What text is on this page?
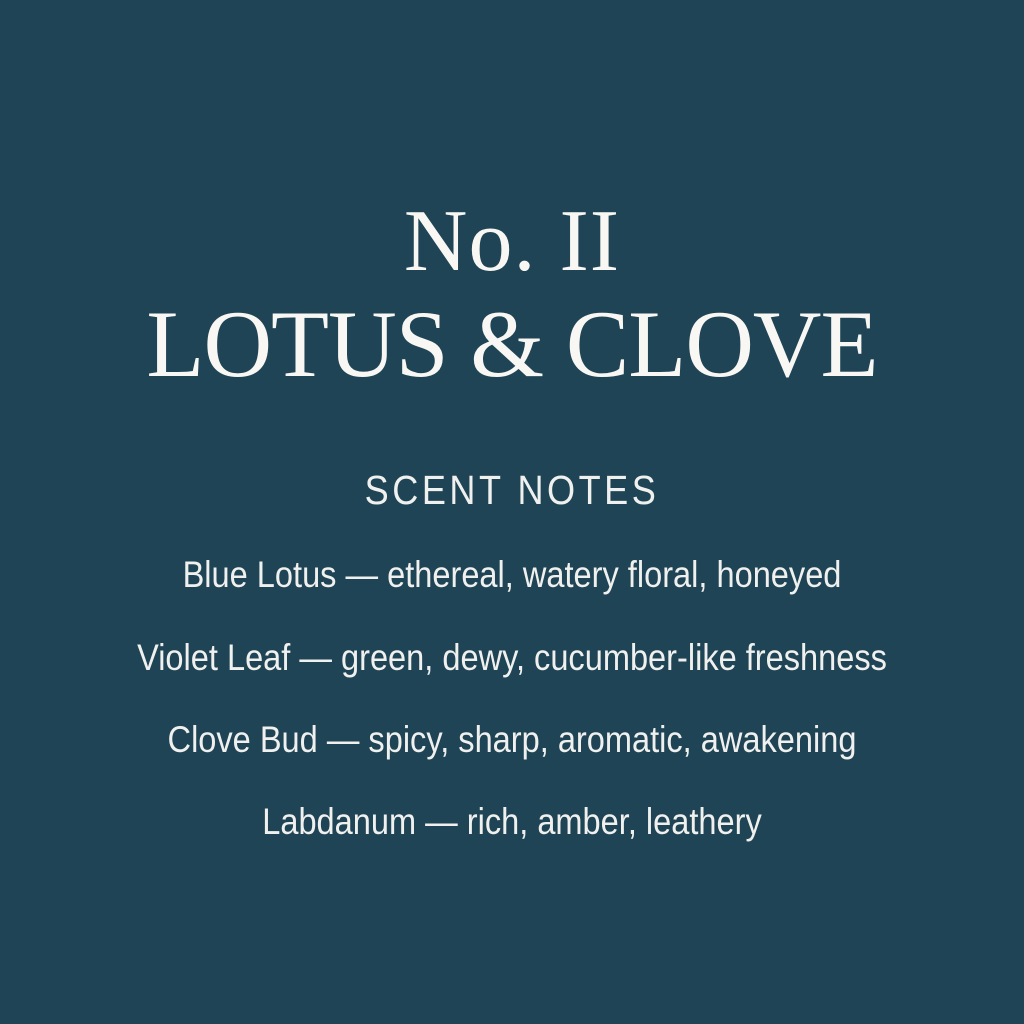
No. II
LOTUS & CLOVE
SCENT NOTES
Blue Lotus — ethereal, watery floral, honeyed
Violet Leaf — green, dewy, cucumber-like freshness
Clove Bud — spicy, sharp, aromatic, awakening
Labdanum — rich, amber, leathery
